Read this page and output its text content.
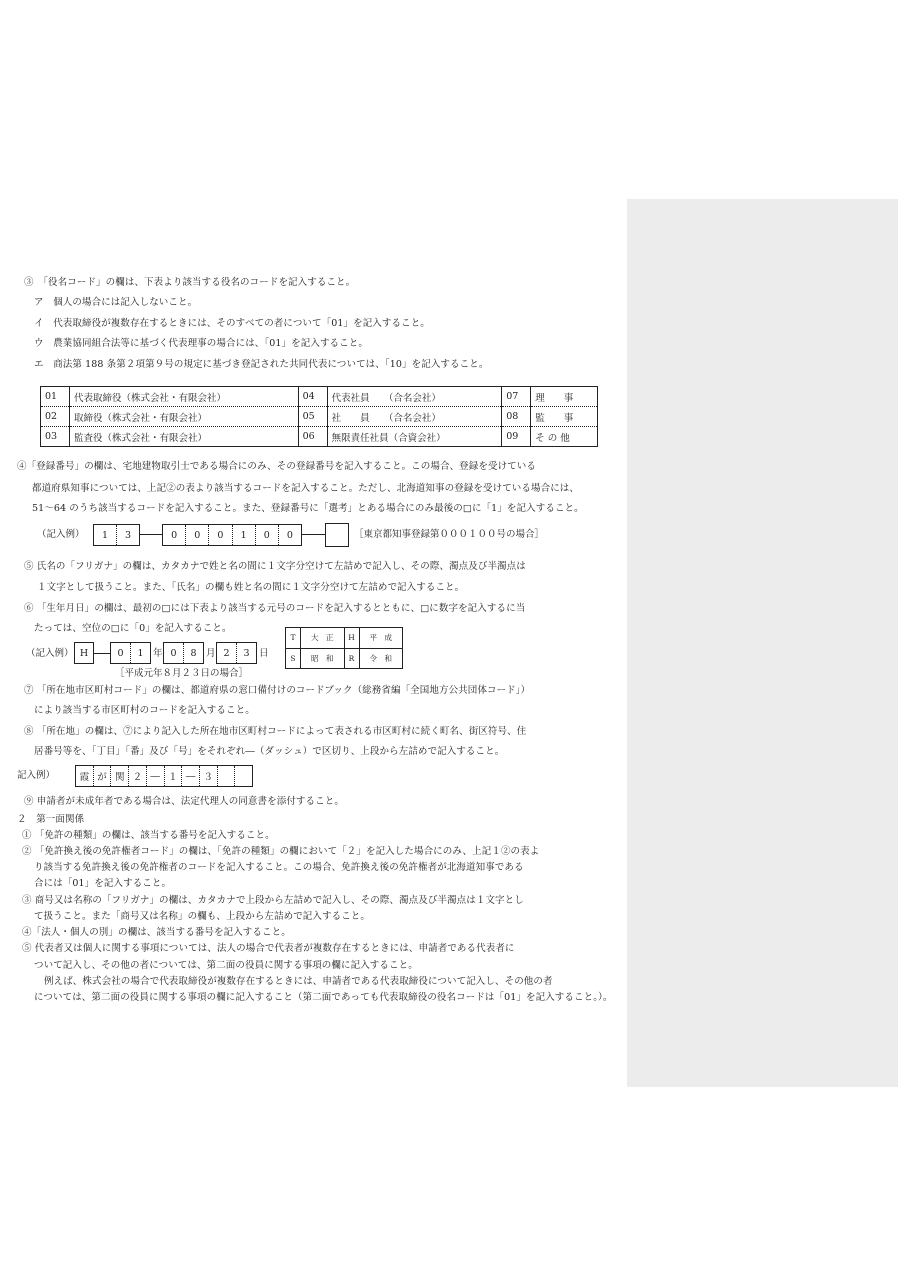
③　「役名コード」の欄は、下表より該当する役名のコードを記入すること。
ア　個人の場合には記入しないこと。
イ　代表取締役が複数存在するときには、そのすべての者について「01」を記入すること。
ウ　農業協同組合法等に基づく代表理事の場合には、「01」を記入すること。
エ　商法第 188 条第２項第９号の規定に基づき登記された共同代表については、「10」を記入すること。
01	代表取締役（株式会社・有限会社）	04	代表社員　　（合名会社）	07	理　　事
02	取締役（株式会社・有限会社）	05	社　　員　　（合名会社）	08	監　　事
03	監査役（株式会社・有限会社）	06	無限責任社員（合資会社）	09	そ の 他
④「登録番号」の欄は、宅地建物取引士である場合にのみ、その登録番号を記入すること。この場合、登録を受けている
都道府県知事については、上記②の表より該当するコードを記入すること。ただし、北海道知事の登録を受けている場合には、
51～64 のうち該当するコードを記入すること。また、登録番号に「選考」とある場合にのみ最後の□に「1」を記入すること。
（記入例）	1	3	0	0	0	1	0	0	［東京都知事登録第０００１００号の場合］
⑤ 氏名の「フリガナ」の欄は、カタカナで姓と名の間に１文字分空けて左詰めで記入し、その際、濁点及び半濁点は
１文字として扱うこと。また、「氏名」の欄も姓と名の間に１文字分空けて左詰めで記入すること。
⑥ 「生年月日」の欄は、最初の□には下表より該当する元号のコードを記入するとともに、□に数字を記入するに当
たっては、空位の□に「0」を記入すること。
T	大　正	H	平　成
S	昭　和	R	令　和
（記入例） H	0	1 年 0	8 月 2	3 日
［平成元年８月２３日の場合］
⑦ 「所在地市区町村コード」の欄は、都道府県の窓口備付けのコードブック（総務省編「全国地方公共団体コード」）
により該当する市区町村のコードを記入すること。
⑧ 「所在地」の欄は、⑦により記入した所在地市区町村コードによって表される市区町村に続く町名、街区符号、住
居番号等を、「丁目」「番」及び「号」をそれぞれ―（ダッシュ）で区切り、上段から左詰めで記入すること。
記入例）	霞 が 関 ２ ― １ ― ３
⑨ 申請者が未成年者である場合は、法定代理人の同意書を添付すること。
２　第一面関係
① 「免許の種類」の欄は、該当する番号を記入すること。
② 「免許換え後の免許権者コード」の欄は、「免許の種類」の欄において「２」を記入した場合にのみ、上記１②の表よ
り該当する免許換え後の免許権者のコードを記入すること。この場合、免許換え後の免許権者が北海道知事である
合には「01」を記入すること。
③ 商号又は名称の「フリガナ」の欄は、カタカナで上段から左詰めで記入し、その際、濁点及び半濁点は１文字とし
て扱うこと。また「商号又は名称」の欄も、上段から左詰めで記入すること。
④「法人・個人の別」の欄は、該当する番号を記入すること。
⑤ 代表者又は個人に関する事項については、法人の場合で代表者が複数存在するときには、申請者である代表者に
ついて記入し、その他の者については、第二面の役員に関する事項の欄に記入すること。
例えば、株式会社の場合で代表取締役が複数存在するときには、申請者である代表取締役について記入し、その他の者
については、第二面の役員に関する事項の欄に記入すること（第二面であっても代表取締役の役名コードは「01」を記入すること。）。
